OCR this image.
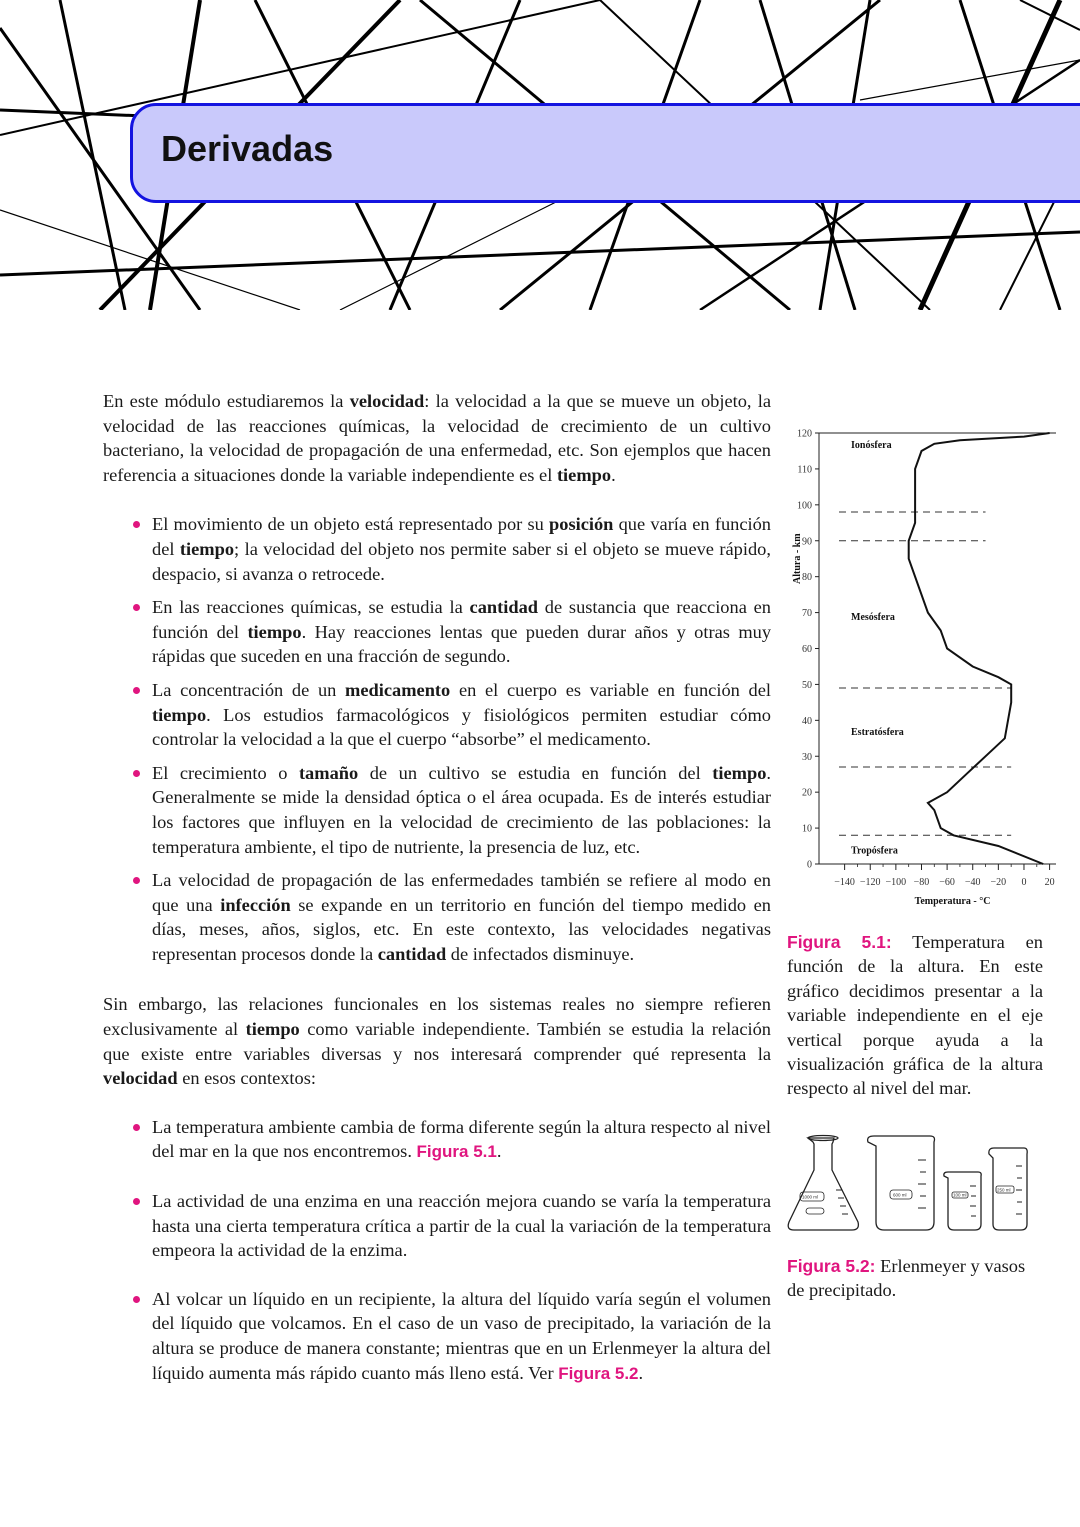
Derivadas

En este módulo estudiaremos la velocidad: la velocidad a la que se mueve un objeto, la velocidad de las reacciones químicas, la velocidad de crecimiento de un cultivo bacteriano, la velocidad de propagación de una enfermedad, etc. Son ejemplos que hacen referencia a situaciones donde la variable independiente es el tiempo.

El movimiento de un objeto está representado por su posición que varía en función del tiempo; la velocidad del objeto nos permite saber si el objeto se mueve rápido, despacio, si avanza o retrocede.
En las reacciones químicas, se estudia la cantidad de sustancia que reacciona en función del tiempo. Hay reacciones lentas que pueden durar años y otras muy rápidas que suceden en una fracción de segundo.
La concentración de un medicamento en el cuerpo es variable en función del tiempo. Los estudios farmacológicos y fisiológicos permiten estudiar cómo controlar la velocidad a la que el cuerpo “absorbe” el medicamento.
El crecimiento o tamaño de un cultivo se estudia en función del tiempo. Generalmente se mide la densidad óptica o el área ocupada. Es de interés estudiar los factores que influyen en la velocidad de crecimiento de las poblaciones: la temperatura ambiente, el tipo de nutriente, la presencia de luz, etc.
La velocidad de propagación de las enfermedades también se refiere al modo en que una infección se expande en un territorio en función del tiempo medido en días, meses, años, siglos, etc. En este contexto, las velocidades negativas representan procesos donde la cantidad de infectados disminuye.

Sin embargo, las relaciones funcionales en los sistemas reales no siempre refieren exclusivamente al tiempo como variable independiente. También se estudia la relación que existe entre variables diversas y nos interesará comprender qué representa la velocidad en esos contextos:

La temperatura ambiente cambia de forma diferente según la altura respecto al nivel del mar en la que nos encontremos. Figura 5.1.
La actividad de una enzima en una reacción mejora cuando se varía la temperatura hasta una cierta temperatura crítica a partir de la cual la variación de la temperatura empeora la actividad de la enzima.
Al volcar un líquido en un recipiente, la altura del líquido varía según el volumen del líquido que volcamos. En el caso de un vaso de precipitado, la variación de la altura se produce de manera constante; mientras que en un Erlenmeyer la altura del líquido aumenta más rápido cuanto más lleno está. Ver Figura 5.2.
0
10
20
30
40
50
60
70
80
90
100
110
120
−140 −120 −100 −80 −60 −40 −20 0 20
Ionósfera
Mesósfera
Estratósfera
Tropósfera
Temperatura - °C
Altura - km

Figura 5.1: Temperatura en función de la altura. En este gráfico decidimos presentar a la variable independiente en el eje vertical porque ayuda a la visualización gráfica de la altura respecto al nivel del mar.

1000 ml	600 ml	100 ml
250 ml

Figura 5.2: Erlenmeyer y vasos de precipitado.
